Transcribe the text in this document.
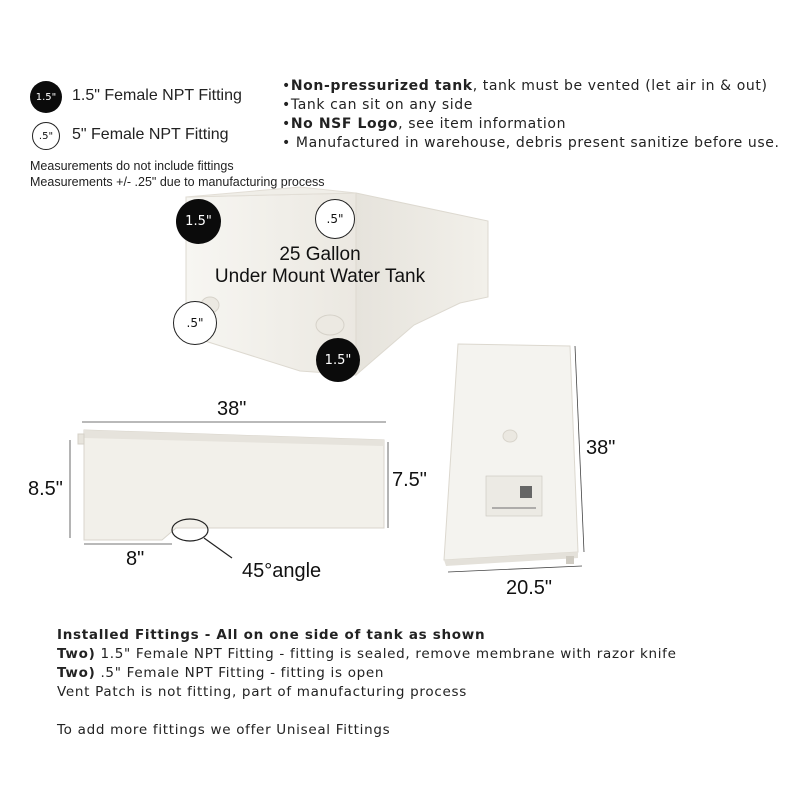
1.5" 1.5" Female NPT Fitting
.5" 5" Female NPT Fitting
Measurements do not include fittings
Measurements +/- .25" due to manufacturing process
•Non-pressurized tank, tank must be vented (let air in & out)
•Tank can sit on any side
•No NSF Logo, see item information
• Manufactured in warehouse, debris present sanitize before use.
25 Gallon
Under Mount Water Tank
1.5"	.5"
.5"
1.5"
38"
8.5"	7.5"
8"
45°angle
38"
20.5"
Installed Fittings - All on one side of tank as shown
Two) 1.5" Female NPT Fitting - fitting is sealed, remove membrane with razor knife
Two) .5" Female NPT Fitting - fitting is open
Vent Patch is not fitting, part of manufacturing process
To add more fittings we offer Uniseal Fittings
